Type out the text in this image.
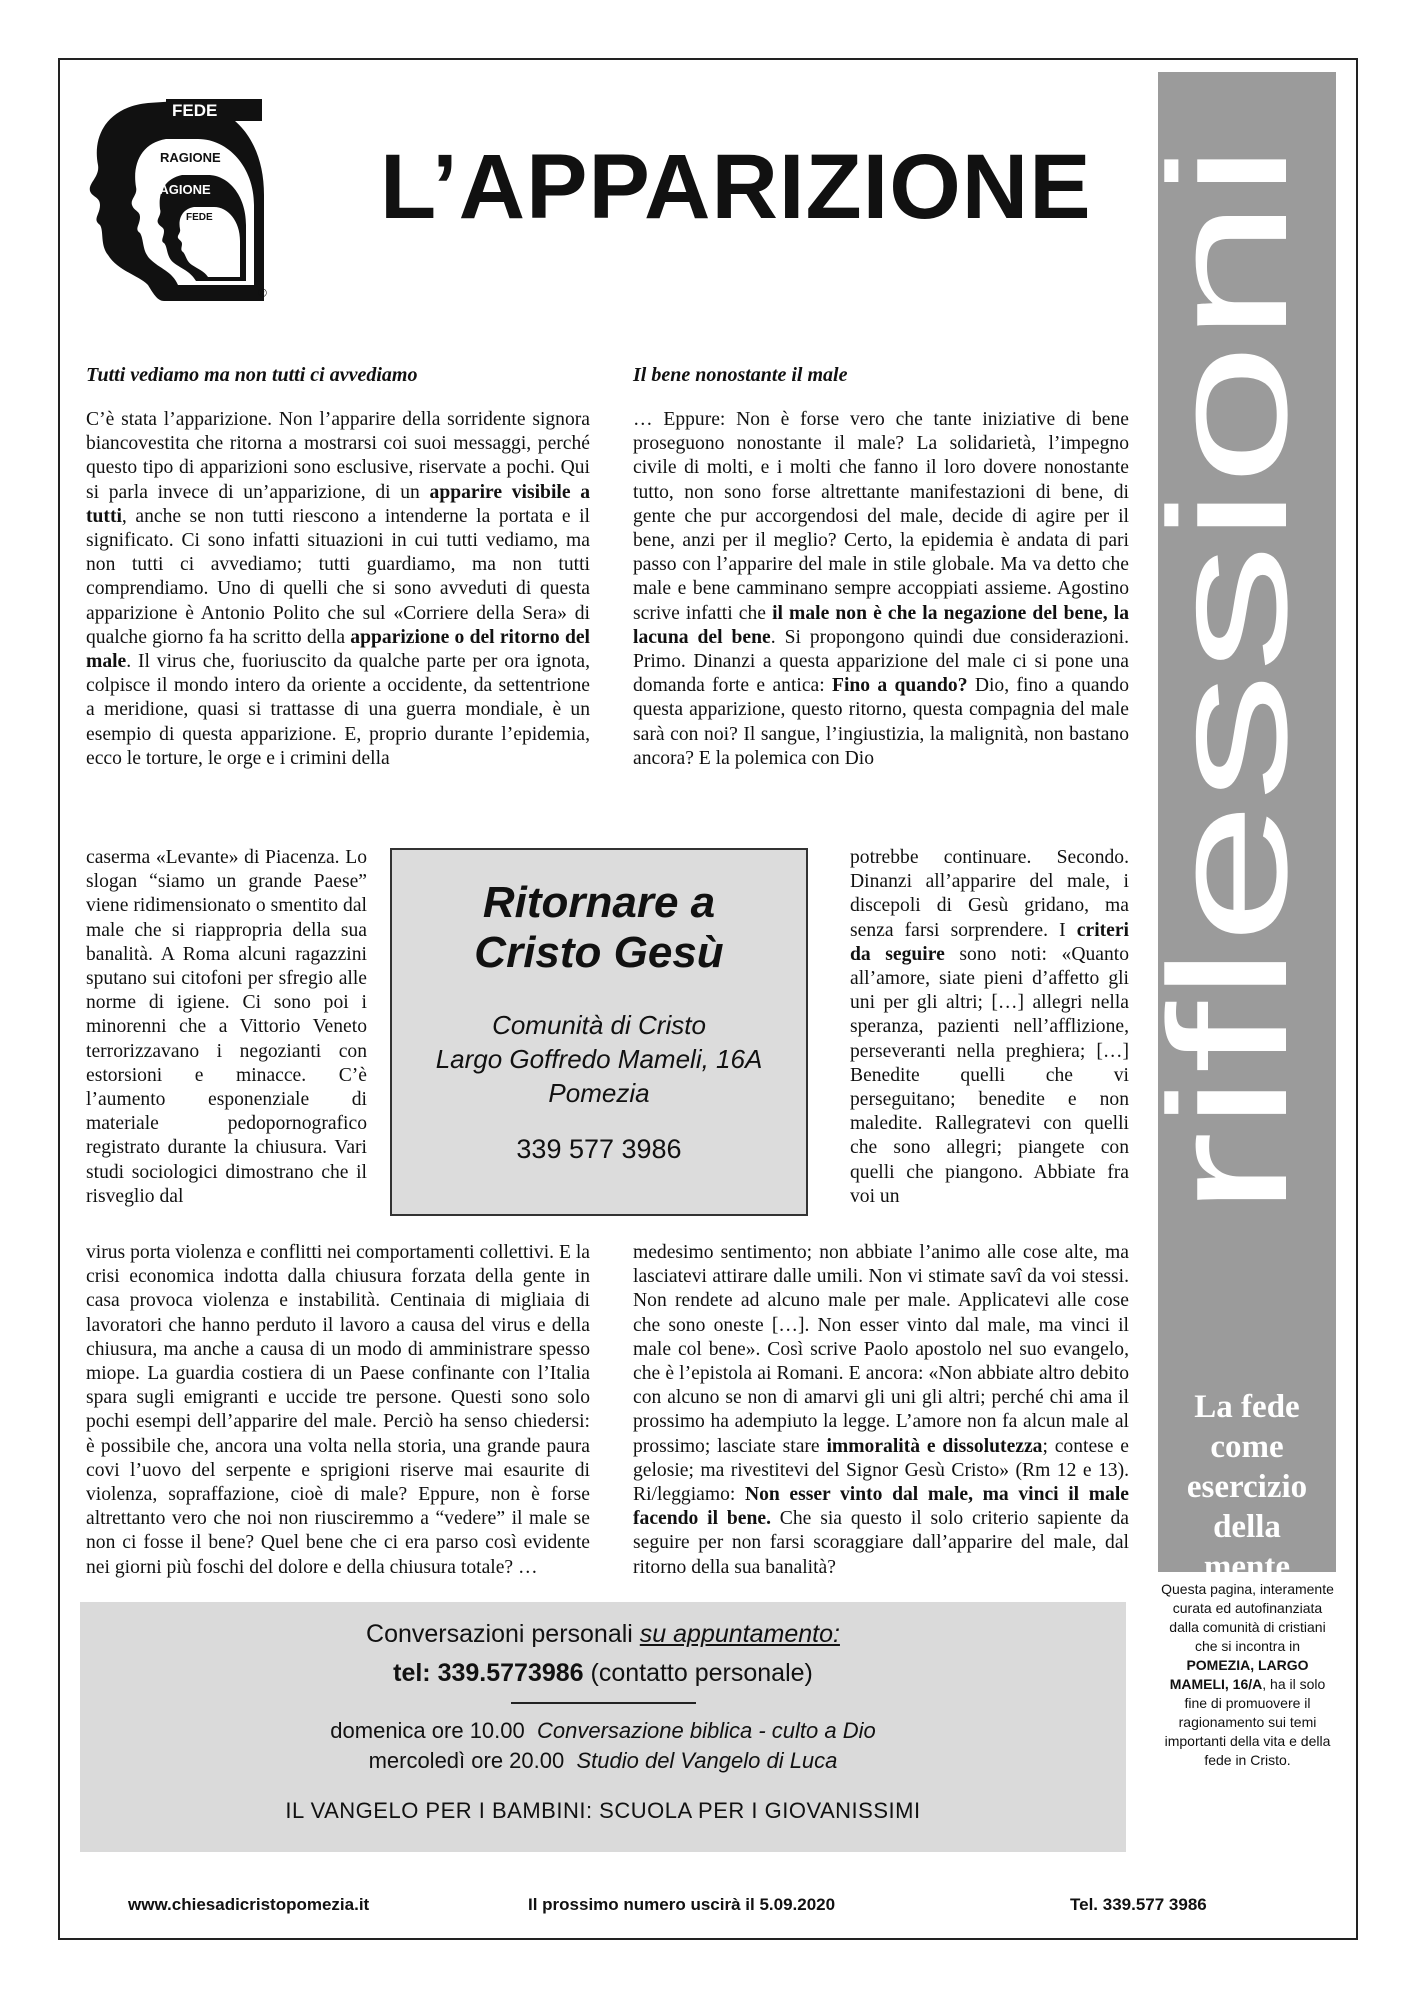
FEDE
RAGIONE
RAGIONE
FEDE
®
L’APPARIZIONE
riflessioni
La fede
come
esercizio
della
mente
Tutti vediamo ma non tutti ci avvediamo
C’è stata l’apparizione. Non l’apparire della sorridente signora biancovestita che ritorna a mostrarsi coi suoi messaggi, perché questo tipo di apparizioni sono esclusive, riservate a pochi. Qui si parla invece di un’apparizione, di un apparire visibile a tutti, anche se non tutti riescono a intenderne la portata e il significato. Ci sono infatti situazioni in cui tutti vediamo, ma non tutti ci avvediamo; tutti guardiamo, ma non tutti comprendiamo. Uno di quelli che si sono avveduti di questa apparizione è Antonio Polito che sul «Corriere della Sera» di qualche giorno fa ha scritto della apparizione o del ritorno del male. Il virus che, fuoriuscito da qualche parte per ora ignota, colpisce il mondo intero da oriente a occidente, da settentrione a meridione, quasi si trattasse di una guerra mondiale, è un esempio di questa apparizione. E, proprio durante l’epidemia, ecco le torture, le orge e i crimini della
caserma «Levante» di Piacenza. Lo slogan “siamo un grande Paese” viene ridimensionato o smentito dal male che si riappropria della sua banalità. A Roma alcuni ragazzini sputano sui citofoni per sfregio alle norme di igiene. Ci sono poi i minorenni che a Vittorio Veneto terrorizzavano i negozianti con estorsioni e minacce. C’è l’aumento esponenziale di materiale pedopornografico registrato durante la chiusura. Vari studi sociologici dimostrano che il risveglio dal
virus porta violenza e conflitti nei comportamenti collettivi. E la crisi economica indotta dalla chiusura forzata della gente in casa provoca violenza e instabilità. Centinaia di migliaia di lavoratori che hanno perduto il lavoro a causa del virus e della chiusura, ma anche a causa di un modo di amministrare spesso miope. La guardia costiera di un Paese confinante con l’Italia spara sugli emigranti e uccide tre persone. Questi sono solo pochi esempi dell’apparire del male. Perciò ha senso chiedersi: è possibile che, ancora una volta nella storia, una grande paura covi l’uovo del serpente e sprigioni riserve mai esaurite di violenza, sopraffazione, cioè di male? Eppure, non è forse altrettanto vero che noi non riusciremmo a “vedere” il male se non ci fosse il bene? Quel bene che ci era parso così evidente nei giorni più foschi del dolore e della chiusura totale? …
Il bene nonostante il male
… Eppure: Non è forse vero che tante iniziative di bene proseguono nonostante il male? La solidarietà, l’impegno civile di molti, e i molti che fanno il loro dovere nonostante tutto, non sono forse altrettante manifestazioni di bene, di gente che pur accorgendosi del male, decide di agire per il bene, anzi per il meglio? Certo, la epidemia è andata di pari passo con l’apparire del male in stile globale. Ma va detto che male e bene camminano sempre accoppiati assieme. Agostino scrive infatti che il male non è che la negazione del bene, la lacuna del bene. Si propongono quindi due considerazioni. Primo. Dinanzi a questa apparizione del male ci si pone una domanda forte e antica: Fino a quando? Dio, fino a quando questa apparizione, questo ritorno, questa compagnia del male sarà con noi? Il sangue, l’ingiustizia, la malignità, non bastano ancora? E la polemica con Dio
potrebbe continuare. Secondo. Dinanzi all’apparire del male, i discepoli di Gesù gridano, ma senza farsi sorprendere. I criteri da seguire sono noti: «Quanto all’amore, siate pieni d’affetto gli uni per gli altri; […] allegri nella speranza, pazienti nell’afflizione, perseveranti nella preghiera; […] Benedite quelli che vi perseguitano; benedite e non maledite. Rallegratevi con quelli che sono allegri; piangete con quelli che piangono. Abbiate fra voi un
medesimo sentimento; non abbiate l’animo alle cose alte, ma lasciatevi attirare dalle umili. Non vi stimate savî da voi stessi. Non rendete ad alcuno male per male. Applicatevi alle cose che sono oneste […]. Non esser vinto dal male, ma vinci il male col bene». Così scrive Paolo apostolo nel suo evangelo, che è l’epistola ai Romani. E ancora: «Non abbiate altro debito con alcuno se non di amarvi gli uni gli altri; perché chi ama il prossimo ha adempiuto la legge. L’amore non fa alcun male al prossimo; lasciate stare immoralità e dissolutezza; contese e gelosie; ma rivestitevi del Signor Gesù Cristo» (Rm 12 e 13). Ri/leggiamo: Non esser vinto dal male, ma vinci il male facendo il bene. Che sia questo il solo criterio sapiente da seguire per non farsi scoraggiare dall’apparire del male, dal ritorno della sua banalità?
Ritornare a
Cristo Gesù
Comunità di Cristo
Largo Goffredo Mameli, 16A
Pomezia
339 577 3986
Conversazioni personali su appuntamento:
tel: 339.5773986 (contatto personale)
domenica ore 10.00 Conversazione biblica - culto a Dio
mercoledì ore 20.00 Studio del Vangelo di Luca
IL VANGELO PER I BAMBINI: SCUOLA PER I GIOVANISSIMI
Questa pagina, interamente curata ed autofinanziata dalla comunità di cristiani che si incontra in POMEZIA, LARGO MAMELI, 16/A, ha il solo fine di promuovere il ragionamento sui temi importanti della vita e della fede in Cristo.
www.chiesadicristopomezia.it	Il prossimo numero uscirà il 5.09.2020	Tel. 339.577 3986
